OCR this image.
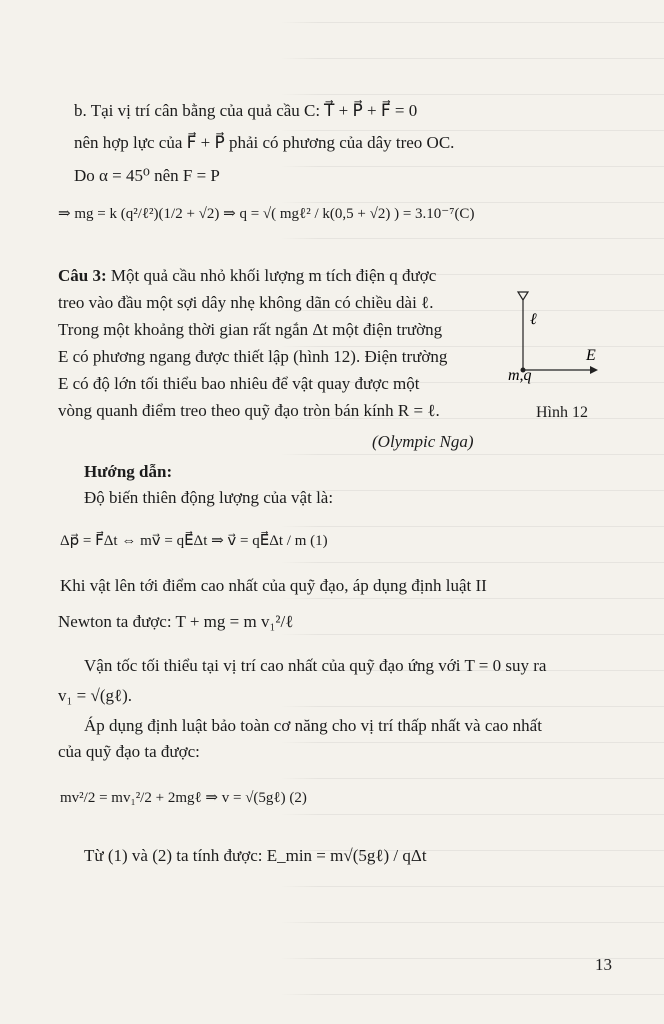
b. Tại vị trí cân bằng của quả cầu C: T⃗ + P⃗ + F⃗ = 0
nên hợp lực của F⃗ + P⃗ phải có phương của dây treo OC.
Do α = 45⁰ nên F = P
⇒ mg = k (q²/ℓ²)(1/2 + √2) ⇒ q = √( mgℓ² / k(0,5 + √2) ) = 3.10⁻⁷(C)
Câu 3: Một quả cầu nhỏ khối lượng m tích điện q được
treo vào đầu một sợi dây nhẹ không dãn có chiều dài ℓ.
Trong một khoảng thời gian rất ngắn Δt một điện trường
E có phương ngang được thiết lập (hình 12). Điện trường
E có độ lớn tối thiểu bao nhiêu để vật quay được một
vòng quanh điểm treo theo quỹ đạo tròn bán kính R = ℓ.
ℓ
m,q
E⃗
Hình 12
(Olympic Nga)
Hướng dẫn:
Độ biến thiên động lượng của vật là:
Δp⃗ = F⃗Δt ⇔ mv⃗ = qE⃗Δt ⇒ v⃗ = qE⃗Δt / m (1)
Khi vật lên tới điểm cao nhất của quỹ đạo, áp dụng định luật II
Newton ta được: T + mg = m v₁²/ℓ
Vận tốc tối thiểu tại vị trí cao nhất của quỹ đạo ứng với T = 0 suy ra
v₁ = √(gℓ).
Áp dụng định luật bảo toàn cơ năng cho vị trí thấp nhất và cao nhất
của quỹ đạo ta được:
mv²/2 = mv₁²/2 + 2mgℓ ⇒ v = √(5gℓ) (2)
Từ (1) và (2) ta tính được: E_min = m√(5gℓ) / qΔt
13
